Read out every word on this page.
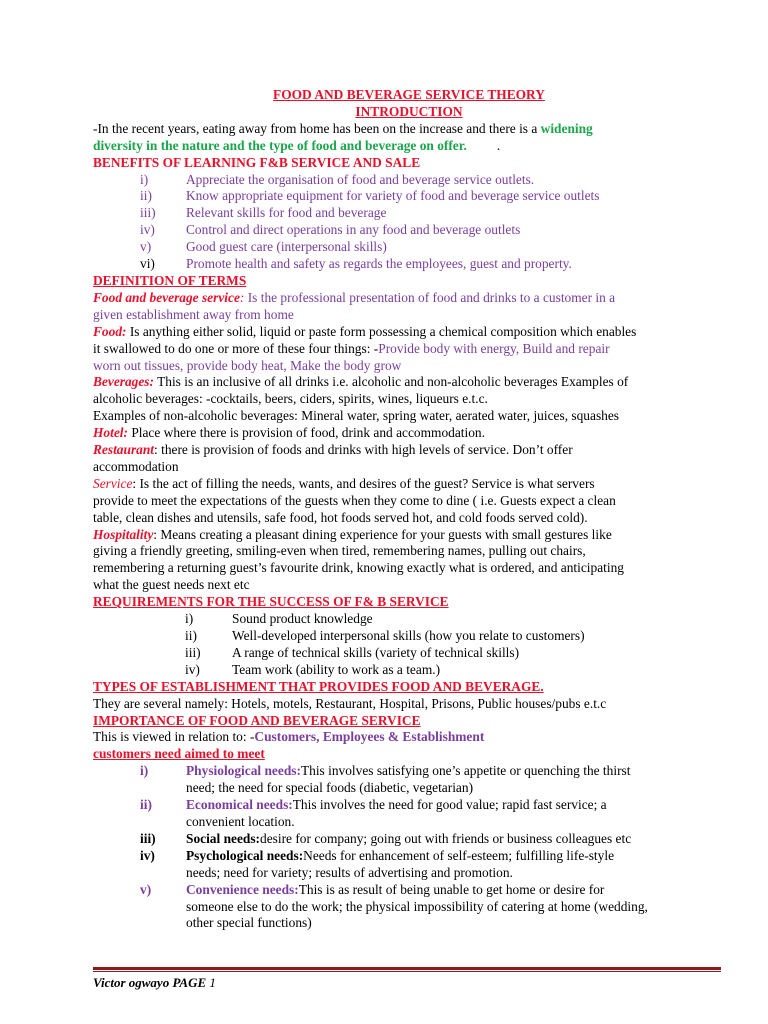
FOOD AND BEVERAGE SERVICE THEORY
INTRODUCTION
-In the recent years, eating away from home has been on the increase and there is a widening
diversity in the nature and the type of food and beverage on offer. .
BENEFITS OF LEARNING F&B SERVICE AND SALE
i)	Appreciate the organisation of food and beverage service outlets.
ii)	Know appropriate equipment for variety of food and beverage service outlets
iii)	Relevant skills for food and beverage
iv)	Control and direct operations in any food and beverage outlets
v)	Good guest care (interpersonal skills)
vi)	Promote health and safety as regards the employees, guest and property.
DEFINITION OF TERMS
Food and beverage service: Is the professional presentation of food and drinks to a customer in a
given establishment away from home
Food: Is anything either solid, liquid or paste form possessing a chemical composition which enables
it swallowed to do one or more of these four things: -Provide body with energy, Build and repair
worn out tissues, provide body heat, Make the body grow
Beverages: This is an inclusive of all drinks i.e. alcoholic and non-alcoholic beverages Examples of
alcoholic beverages: -cocktails, beers, ciders, spirits, wines, liqueurs e.t.c.
Examples of non-alcoholic beverages: Mineral water, spring water, aerated water, juices, squashes
Hotel: Place where there is provision of food, drink and accommodation.
Restaurant: there is provision of foods and drinks with high levels of service. Don’t offer
accommodation
Service: Is the act of filling the needs, wants, and desires of the guest? Service is what servers
provide to meet the expectations of the guests when they come to dine ( i.e. Guests expect a clean
table, clean dishes and utensils, safe food, hot foods served hot, and cold foods served cold).
Hospitality: Means creating a pleasant dining experience for your guests with small gestures like
giving a friendly greeting, smiling-even when tired, remembering names, pulling out chairs,
remembering a returning guest’s favourite drink, knowing exactly what is ordered, and anticipating
what the guest needs next etc
REQUIREMENTS FOR THE SUCCESS OF F& B SERVICE
i)	Sound product knowledge
ii)	Well-developed interpersonal skills (how you relate to customers)
iii)	A range of technical skills (variety of technical skills)
iv)	Team work (ability to work as a team.)
TYPES OF ESTABLISHMENT THAT PROVIDES FOOD AND BEVERAGE.
They are several namely: Hotels, motels, Restaurant, Hospital, Prisons, Public houses/pubs e.t.c
IMPORTANCE OF FOOD AND BEVERAGE SERVICE
This is viewed in relation to: -Customers, Employees & Establishment
customers need aimed to meet
i)	Physiological needs: This involves satisfying one’s appetite or quenching the thirst
need; the need for special foods (diabetic, vegetarian)
ii)	Economical needs: This involves the need for good value; rapid fast service; a
convenient location.
iii)	Social needs: desire for company; going out with friends or business colleagues etc
iv)	Psychological needs: Needs for enhancement of self-esteem; fulfilling life-style
needs; need for variety; results of advertising and promotion.
v)	Convenience needs: This is as result of being unable to get home or desire for
someone else to do the work; the physical impossibility of catering at home (wedding,
other special functions)
Victor ogwayo PAGE 1
